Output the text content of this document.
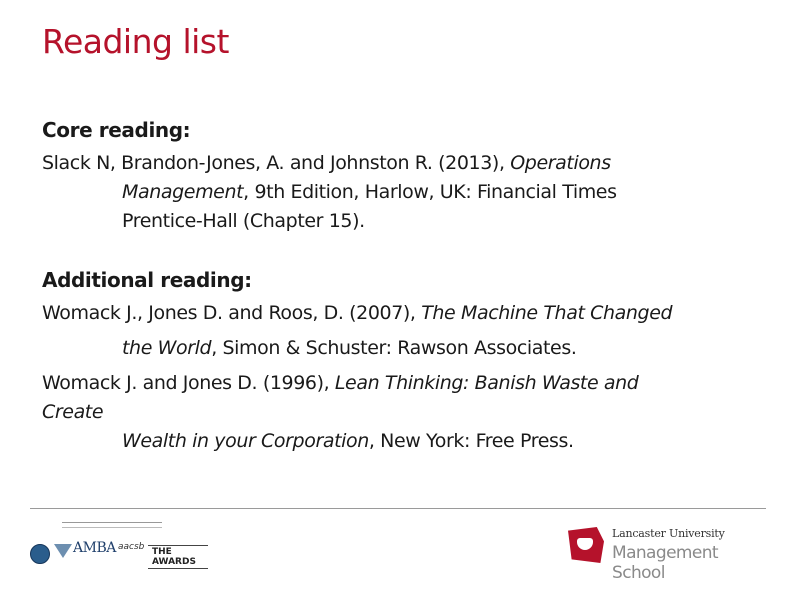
Reading list
Core reading:

Slack N, Brandon-Jones, A. and Johnston R. (2013), Operations

Management, 9th Edition, Harlow, UK: Financial Times

Prentice-Hall (Chapter 15).

Additional reading:

Womack J., Jones D. and Roos, D. (2007), The Machine That Changed

the World, Simon & Schuster: Rawson Associates.

Womack J. and Jones D. (1996), Lean Thinking: Banish Waste and

Create

Wealth in your Corporation, New York: Free Press.

AMBA aacsb THE AWARDS
Lancaster University
Management School
